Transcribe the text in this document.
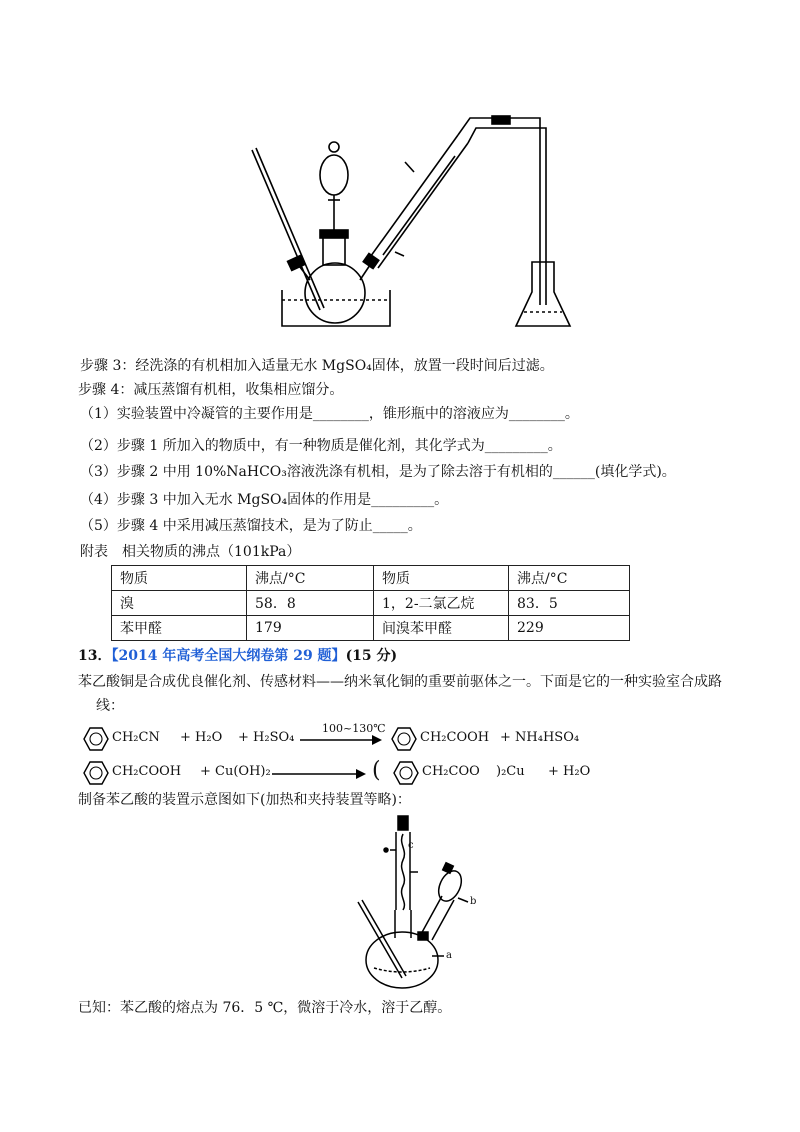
步骤 3：经洗涤的有机相加入适量无水 MgSO₄固体，放置一段时间后过滤。
步骤 4：减压蒸馏有机相，收集相应馏分。
（1）实验装置中冷凝管的主要作用是________，锥形瓶中的溶液应为________。
（2）步骤 1 所加入的物质中，有一种物质是催化剂，其化学式为_________。
（3）步骤 2 中用 10%NaHCO₃溶液洗涤有机相，是为了除去溶于有机相的______(填化学式)。
（4）步骤 3 中加入无水 MgSO₄固体的作用是_________。
（5）步骤 4 中采用减压蒸馏技术，是为了防止_____。
附表　相关物质的沸点（101kPa）
物质	沸点/°C	物质	沸点/°C
溴	58．8	1，2-二氯乙烷	83．5
苯甲醛	179	间溴苯甲醛	229
13．【2014 年高考全国大纲卷第 29 题】(15 分)
苯乙酸铜是合成优良催化剂、传感材料——纳米氧化铜的重要前驱体之一。下面是它的一种实验室合成路
线：
CH₂CN + H₂O + H₂SO₄
100~130℃
CH₂COOH + NH₄HSO₄
CH₂COOH + Cu(OH)₂	(	CH₂COO )₂Cu + H₂O
制备苯乙酸的装置示意图如下(加热和夹持装置等略)：
c
b
a
已知：苯乙酸的熔点为 76．5 ℃，微溶于冷水，溶于乙醇。
